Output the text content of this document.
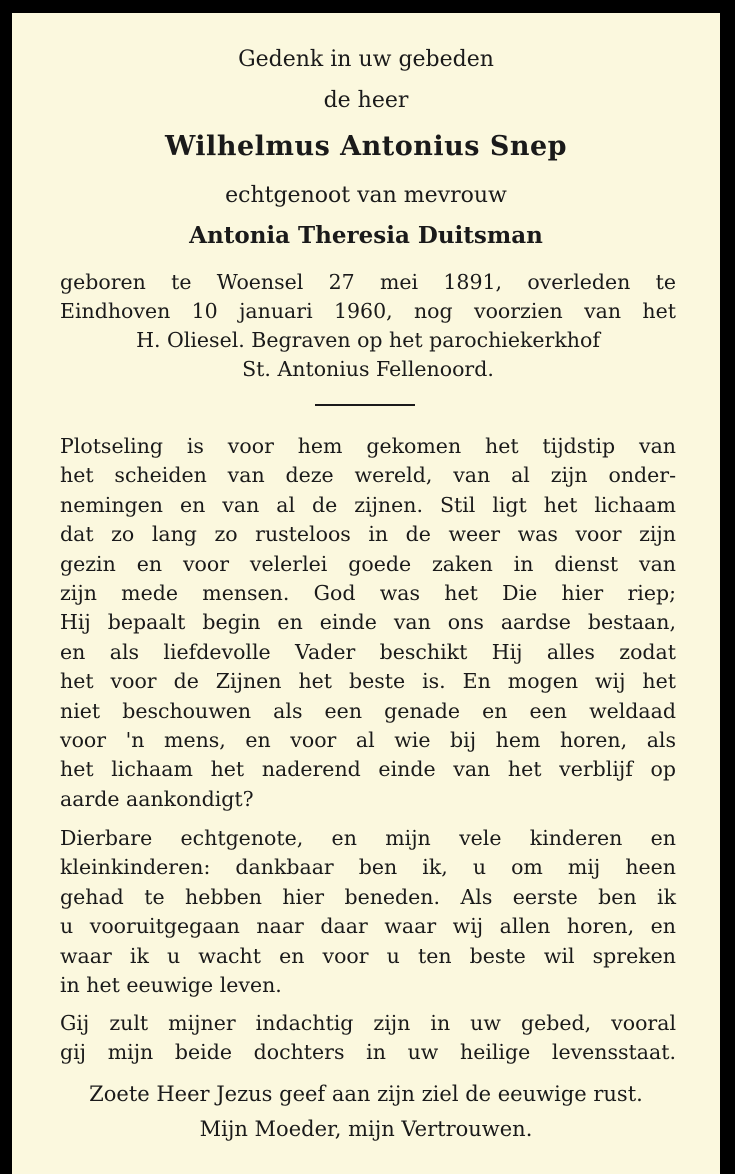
Gedenk in uw gebeden
de heer
Wilhelmus Antonius Snep
echtgenoot van mevrouw
Antonia Theresia Duitsman
geboren te Woensel 27 mei 1891, overleden te
Eindhoven 10 januari 1960, nog voorzien van het
H. Oliesel. Begraven op het parochiekerkhof
St. Antonius Fellenoord.
Plotseling is voor hem gekomen het tijdstip van
het scheiden van deze wereld, van al zijn onder-
nemingen en van al de zijnen. Stil ligt het lichaam
dat zo lang zo rusteloos in de weer was voor zijn
gezin en voor velerlei goede zaken in dienst van
zijn mede mensen. God was het Die hier riep;
Hij bepaalt begin en einde van ons aardse bestaan,
en als liefdevolle Vader beschikt Hij alles zodat
het voor de Zijnen het beste is. En mogen wij het
niet beschouwen als een genade en een weldaad
voor 'n mens, en voor al wie bij hem horen, als
het lichaam het naderend einde van het verblijf op
aarde aankondigt?
Dierbare echtgenote, en mijn vele kinderen en
kleinkinderen: dankbaar ben ik, u om mij heen
gehad te hebben hier beneden. Als eerste ben ik
u vooruitgegaan naar daar waar wij allen horen, en
waar ik u wacht en voor u ten beste wil spreken
in het eeuwige leven.
Gij zult mijner indachtig zijn in uw gebed, vooral
gij mijn beide dochters in uw heilige levensstaat.
Zoete Heer Jezus geef aan zijn ziel de eeuwige rust.
Mijn Moeder, mijn Vertrouwen.
